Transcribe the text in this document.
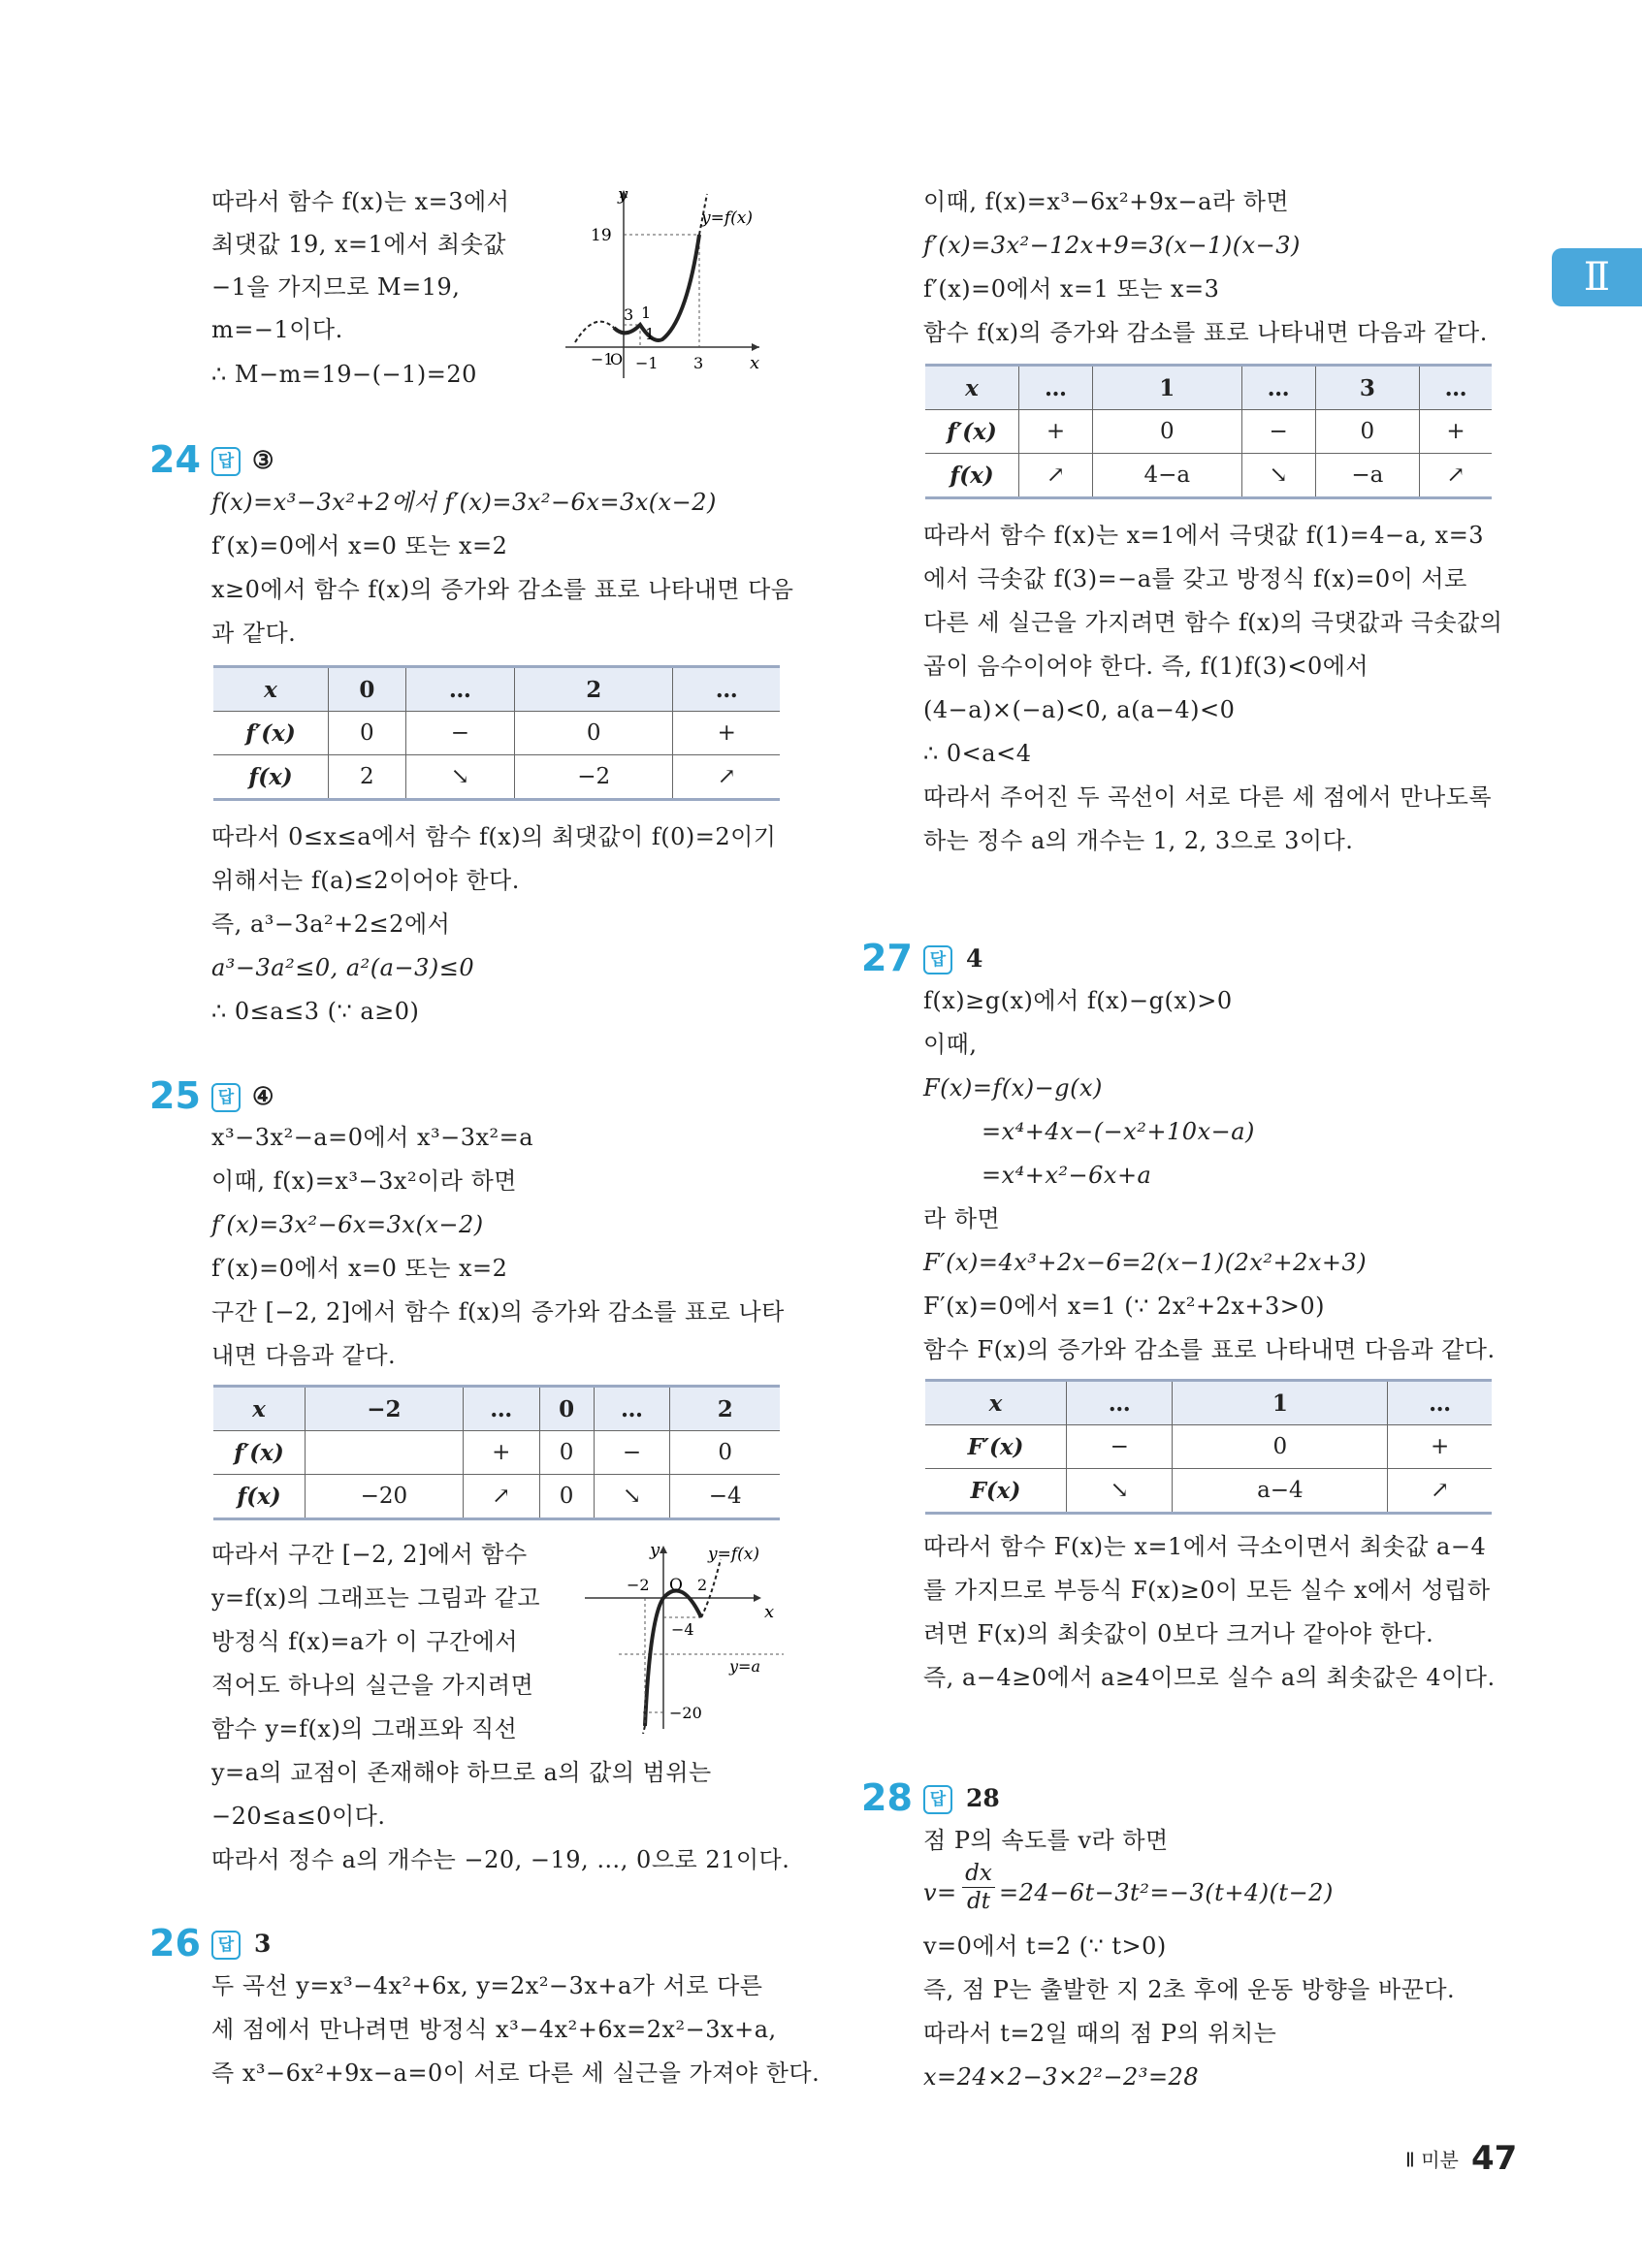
Ⅱ
따라서 함수 f(x)는 x=3에서
최댓값 19, x=1에서 최솟값
−1을 가지므로 M=19,
m=−1이다.
∴ M−m=19−(−1)=20
y
x
y=f(x)
19
3 1
1
−1
O −1 3
24	답 ③
f(x)=x³−3x²+2에서 f′(x)=3x²−6x=3x(x−2)
f′(x)=0에서 x=0 또는 x=2
x≥0에서 함수 f(x)의 증가와 감소를 표로 나타내면 다음
과 같다.
x	0	…	2	…
f′(x)	0	−	0	+
f(x)	2	↘	−2	↗
따라서 0≤x≤a에서 함수 f(x)의 최댓값이 f(0)=2이기
위해서는 f(a)≤2이어야 한다.
즉, a³−3a²+2≤2에서
a³−3a²≤0, a²(a−3)≤0
∴ 0≤a≤3 (∵ a≥0)
25	답 ④
x³−3x²−a=0에서 x³−3x²=a
이때, f(x)=x³−3x²이라 하면
f′(x)=3x²−6x=3x(x−2)
f′(x)=0에서 x=0 또는 x=2
구간 [−2, 2]에서 함수 f(x)의 증가와 감소를 표로 나타
내면 다음과 같다.
x	−2	…	0	…	2
f′(x)		+	0	−	0
f(x)	−20	↗	0	↘	−4
따라서 구간 [−2, 2]에서 함수
y=f(x)의 그래프는 그림과 같고
방정식 f(x)=a가 이 구간에서
적어도 하나의 실근을 가지려면
함수 y=f(x)의 그래프와 직선
y=a의 교점이 존재해야 하므로 a의 값의 범위는
−20≤a≤0이다.
따라서 정수 a의 개수는 −20, −19, …, 0으로 21이다.
y
x
O
y=f(x)
−2	2
−4
y=a
−20
26	답 3
두 곡선 y=x³−4x²+6x, y=2x²−3x+a가 서로 다른
세 점에서 만나려면 방정식 x³−4x²+6x=2x²−3x+a,
즉 x³−6x²+9x−a=0이 서로 다른 세 실근을 가져야 한다.
이때, f(x)=x³−6x²+9x−a라 하면
f′(x)=3x²−12x+9=3(x−1)(x−3)
f′(x)=0에서 x=1 또는 x=3
함수 f(x)의 증가와 감소를 표로 나타내면 다음과 같다.
x	…	1	…	3	…
f′(x)	+	0	−	0	+
f(x)	↗	4−a	↘	−a	↗
따라서 함수 f(x)는 x=1에서 극댓값 f(1)=4−a, x=3
에서 극솟값 f(3)=−a를 갖고 방정식 f(x)=0이 서로
다른 세 실근을 가지려면 함수 f(x)의 극댓값과 극솟값의
곱이 음수이어야 한다. 즉, f(1)f(3)<0에서
(4−a)×(−a)<0, a(a−4)<0
∴ 0<a<4
따라서 주어진 두 곡선이 서로 다른 세 점에서 만나도록
하는 정수 a의 개수는 1, 2, 3으로 3이다.
27	답 4
f(x)≥g(x)에서 f(x)−g(x)>0
이때,
F(x)=f(x)−g(x)
=x⁴+4x−(−x²+10x−a)
=x⁴+x²−6x+a
라 하면
F′(x)=4x³+2x−6=2(x−1)(2x²+2x+3)
F′(x)=0에서 x=1 (∵ 2x²+2x+3>0)
함수 F(x)의 증가와 감소를 표로 나타내면 다음과 같다.
x	…	1	…
F′(x)	−	0	+
F(x)	↘	a−4	↗
따라서 함수 F(x)는 x=1에서 극소이면서 최솟값 a−4
를 가지므로 부등식 F(x)≥0이 모든 실수 x에서 성립하
려면 F(x)의 최솟값이 0보다 크거나 같아야 한다.
즉, a−4≥0에서 a≥4이므로 실수 a의 최솟값은 4이다.
28	답 28
점 P의 속도를 v라 하면
$v= \frac{dx}{dt} =24-6t-3t^2=-3(t+4)(t-2)$
v=0에서 t=2 (∵ t>0)
즉, 점 P는 출발한 지 2초 후에 운동 방향을 바꾼다.
따라서 t=2일 때의 점 P의 위치는
x=24×2−3×2²−2³=28
Ⅱ 미분 47
